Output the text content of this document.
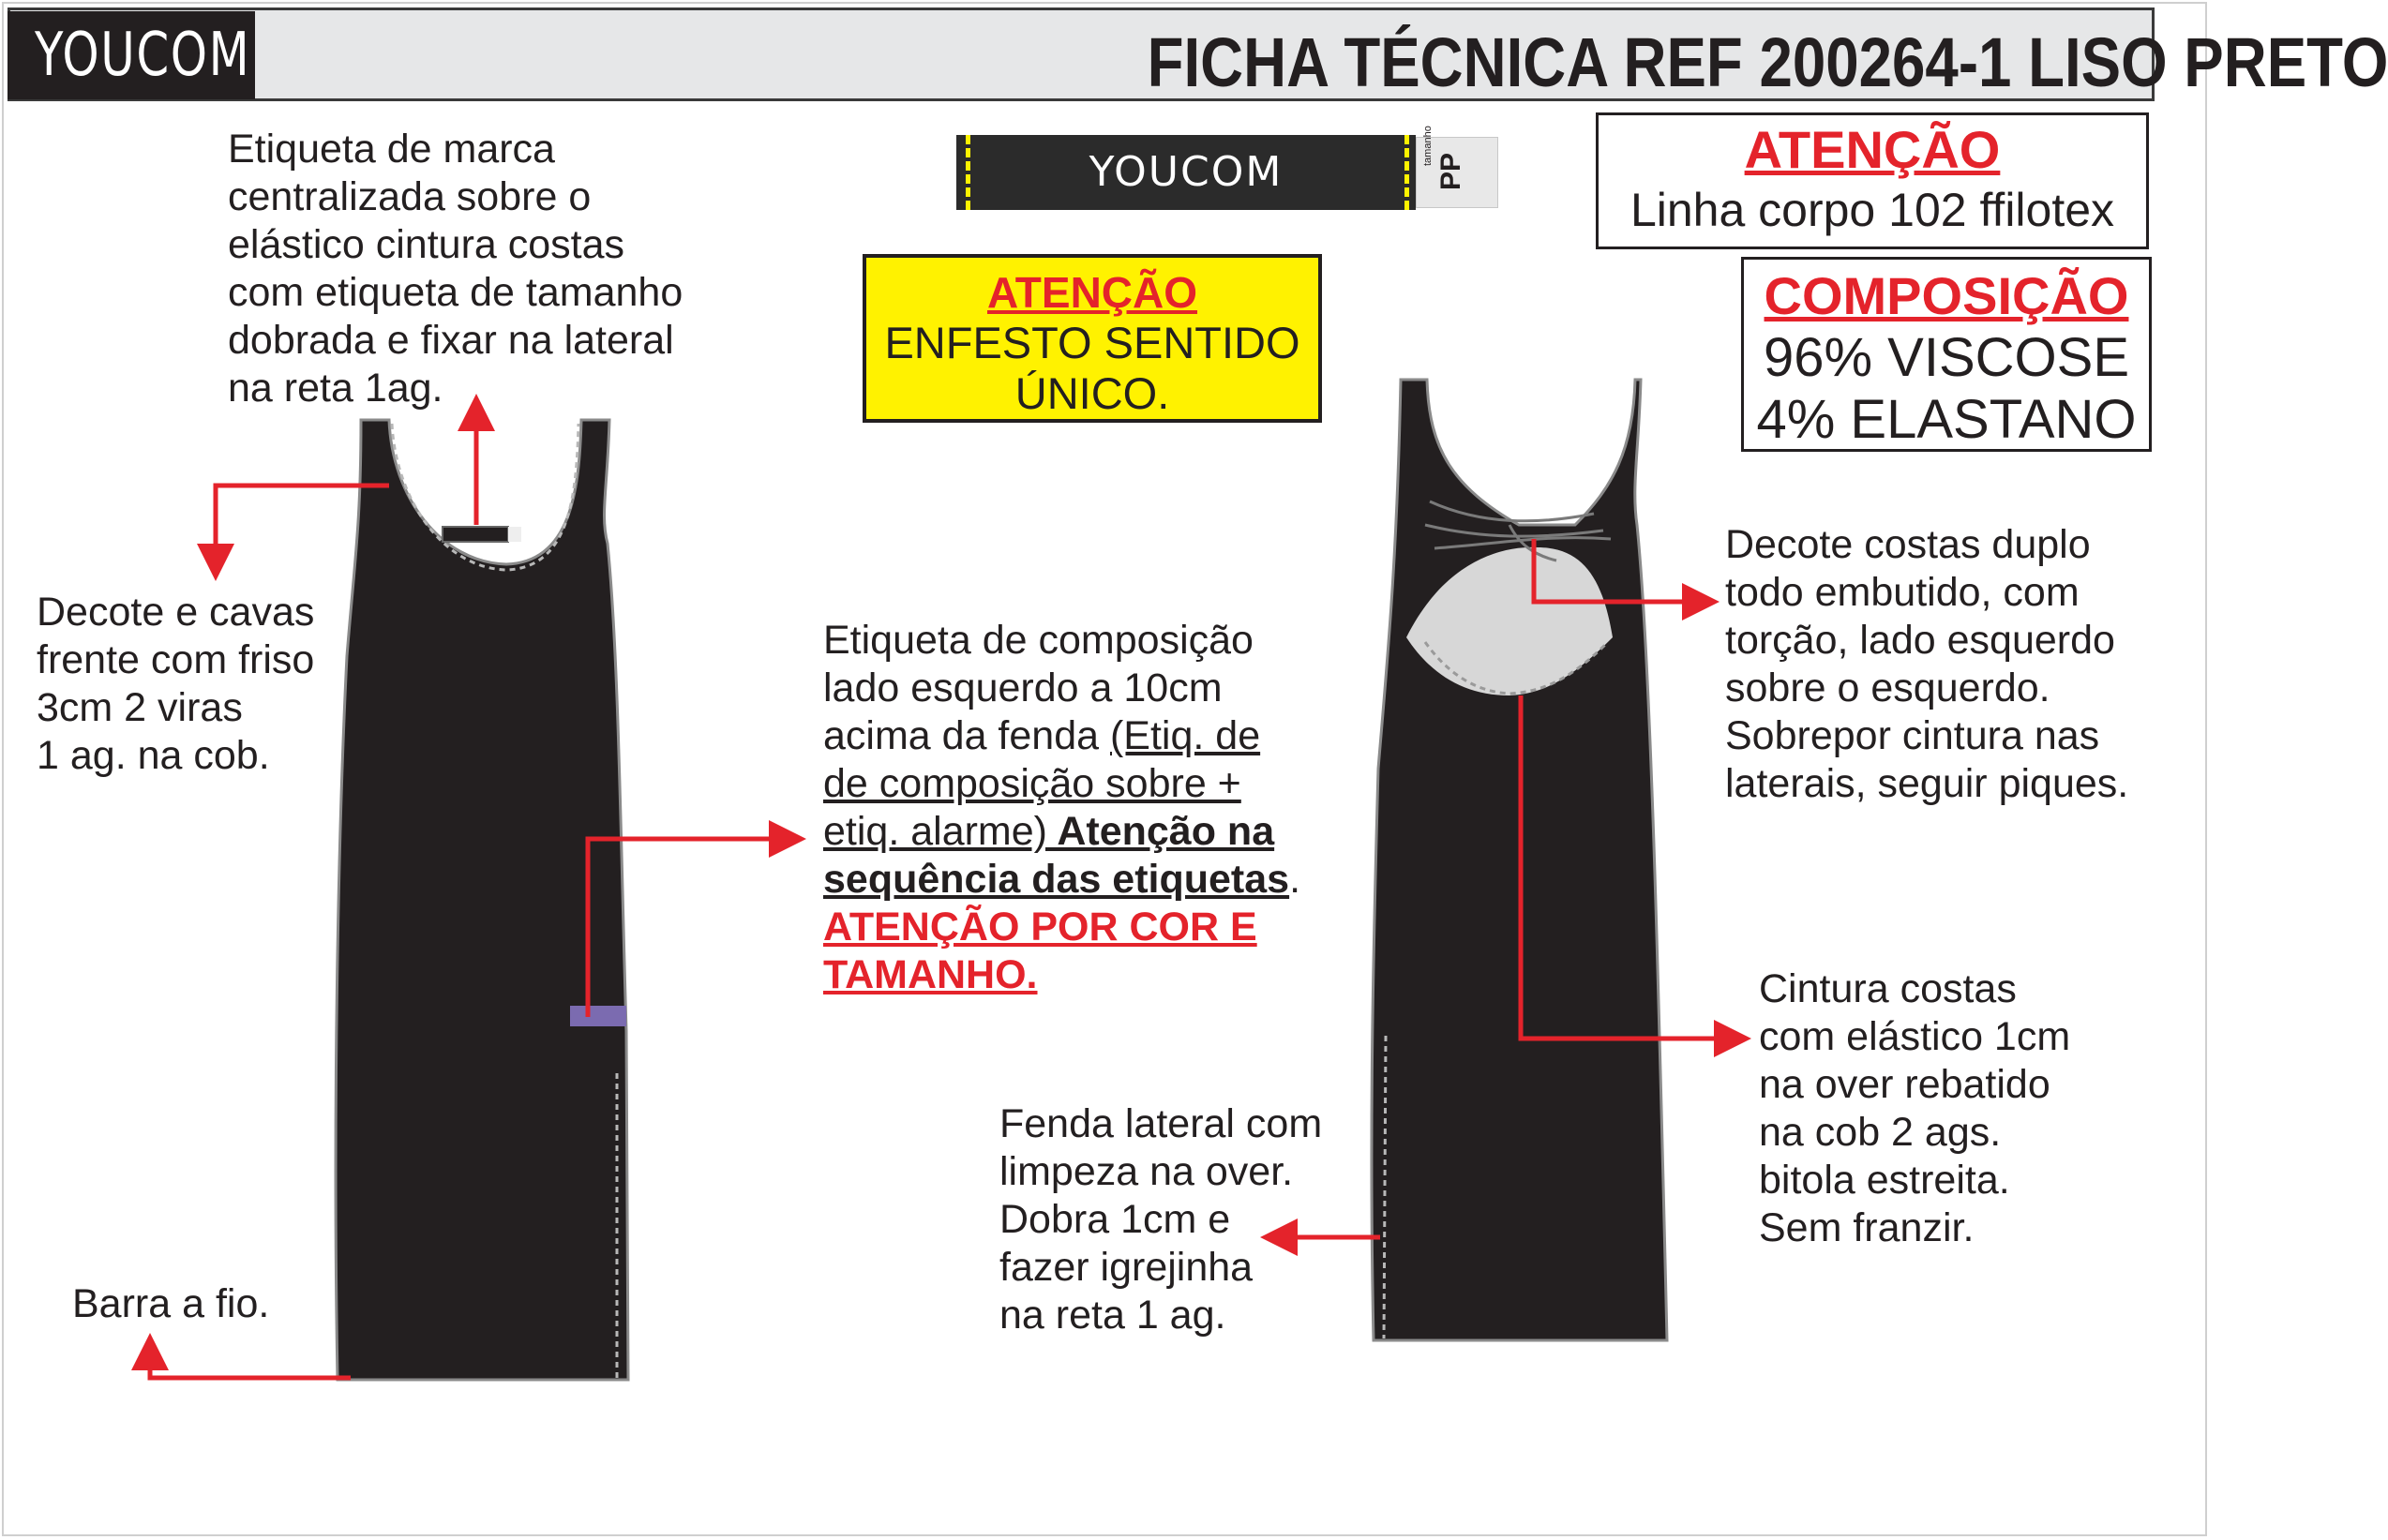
YOUCOM	FICHA TÉCNICA REF 200264-1 LISO PRETO
YOUCOM
tamanho
PP
ATENÇÃO
ENFESTO SENTIDO
ÚNICO.
ATENÇÃO
Linha corpo 102 ffilotex
COMPOSIÇÃO
96% VISCOSE
4% ELASTANO
Etiqueta de marca
centralizada sobre o
elástico cintura costas
com etiqueta de tamanho
dobrada e fixar na lateral
na reta 1ag.
Decote e cavas
frente com friso
3cm 2 viras
1 ag. na cob.
Barra a fio.
Etiqueta de composição
lado esquerdo a 10cm
acima da fenda (Etiq. de
de composição sobre +
etiq. alarme) Atenção na
sequência das etiquetas.
ATENÇÃO POR COR E
TAMANHO.
Decote costas duplo
todo embutido, com
torção, lado esquerdo
sobre o esquerdo.
Sobrepor cintura nas
laterais, seguir piques.
Cintura costas
com elástico 1cm
na over rebatido
na cob 2 ags.
bitola estreita.
Sem franzir.
Fenda lateral com
limpeza na over.
Dobra 1cm e
fazer igrejinha
na reta 1 ag.
